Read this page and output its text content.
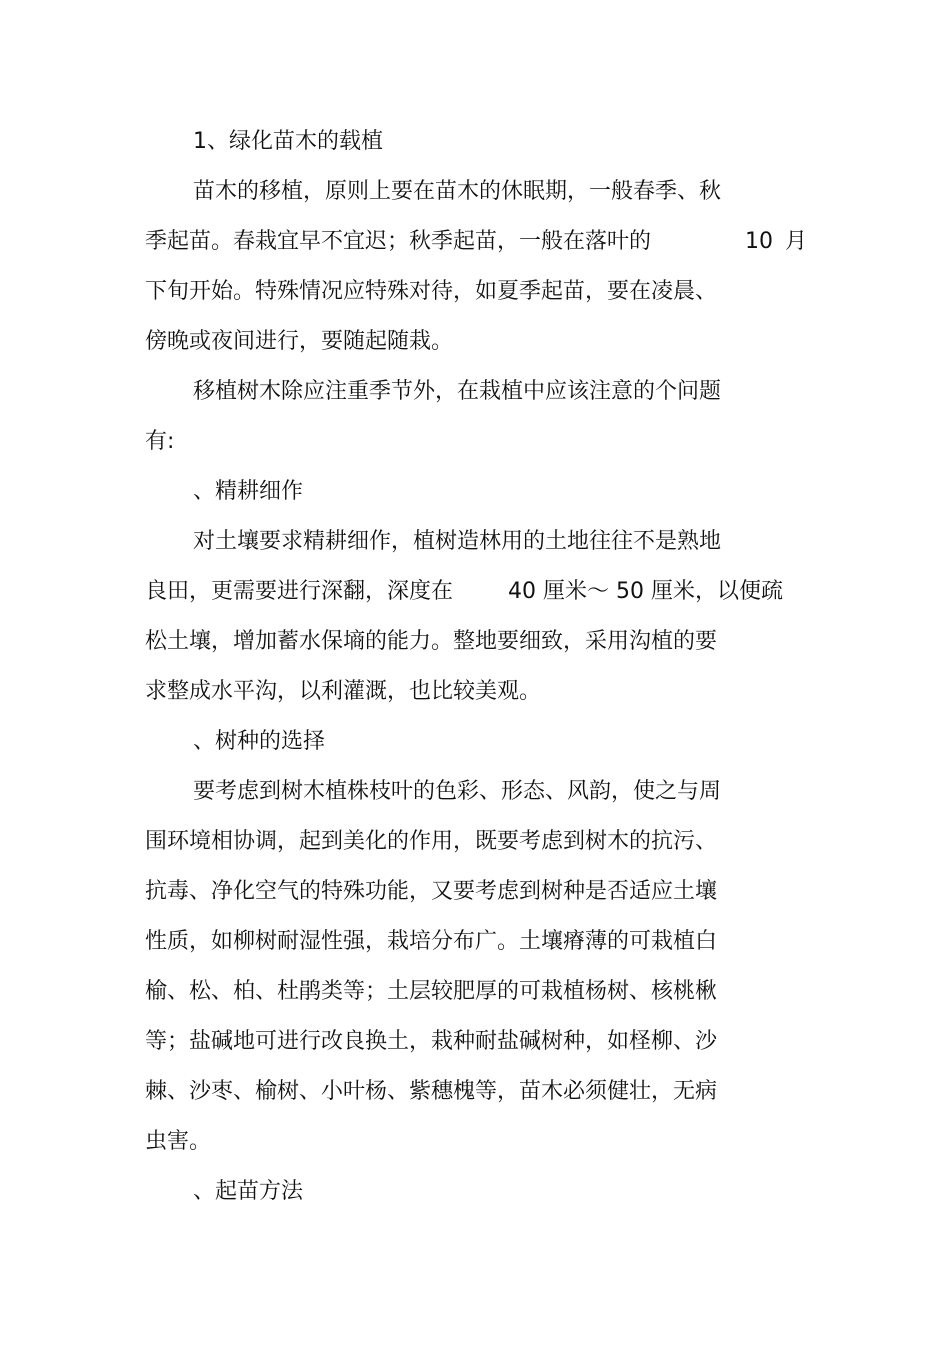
1、绿化苗木的载植
苗木的移植，原则上要在苗木的休眠期，一般春季、秋
季起苗。春栽宜早不宜迟；秋季起苗，一般在落叶的	10 月
下旬开始。特殊情况应特殊对待，如夏季起苗，要在凌晨、
傍晚或夜间进行，要随起随栽。
移植树木除应注重季节外，在栽植中应该注意的个问题
有:
、精耕细作
对土壤要求精耕细作，植树造林用的土地往往不是熟地
良田，更需要进行深翻，深度在 40 厘米～ 50 厘米，以便疏
松土壤，增加蓄水保墒的能力。整地要细致，采用沟植的要
求整成水平沟，以利灌溉，也比较美观。
、树种的选择
要考虑到树木植株枝叶的色彩、形态、风韵，使之与周
围环境相协调，起到美化的作用，既要考虑到树木的抗污、
抗毒、净化空气的特殊功能，又要考虑到树种是否适应土壤
性质，如柳树耐湿性强，栽培分布广。土壤瘠薄的可栽植白
榆、松、柏、杜鹃类等；土层较肥厚的可栽植杨树、核桃楸
等；盐碱地可进行改良换土，栽种耐盐碱树种，如柽柳、沙
棘、沙枣、榆树、小叶杨、紫穗槐等，苗木必须健壮，无病
虫害。
、起苗方法
